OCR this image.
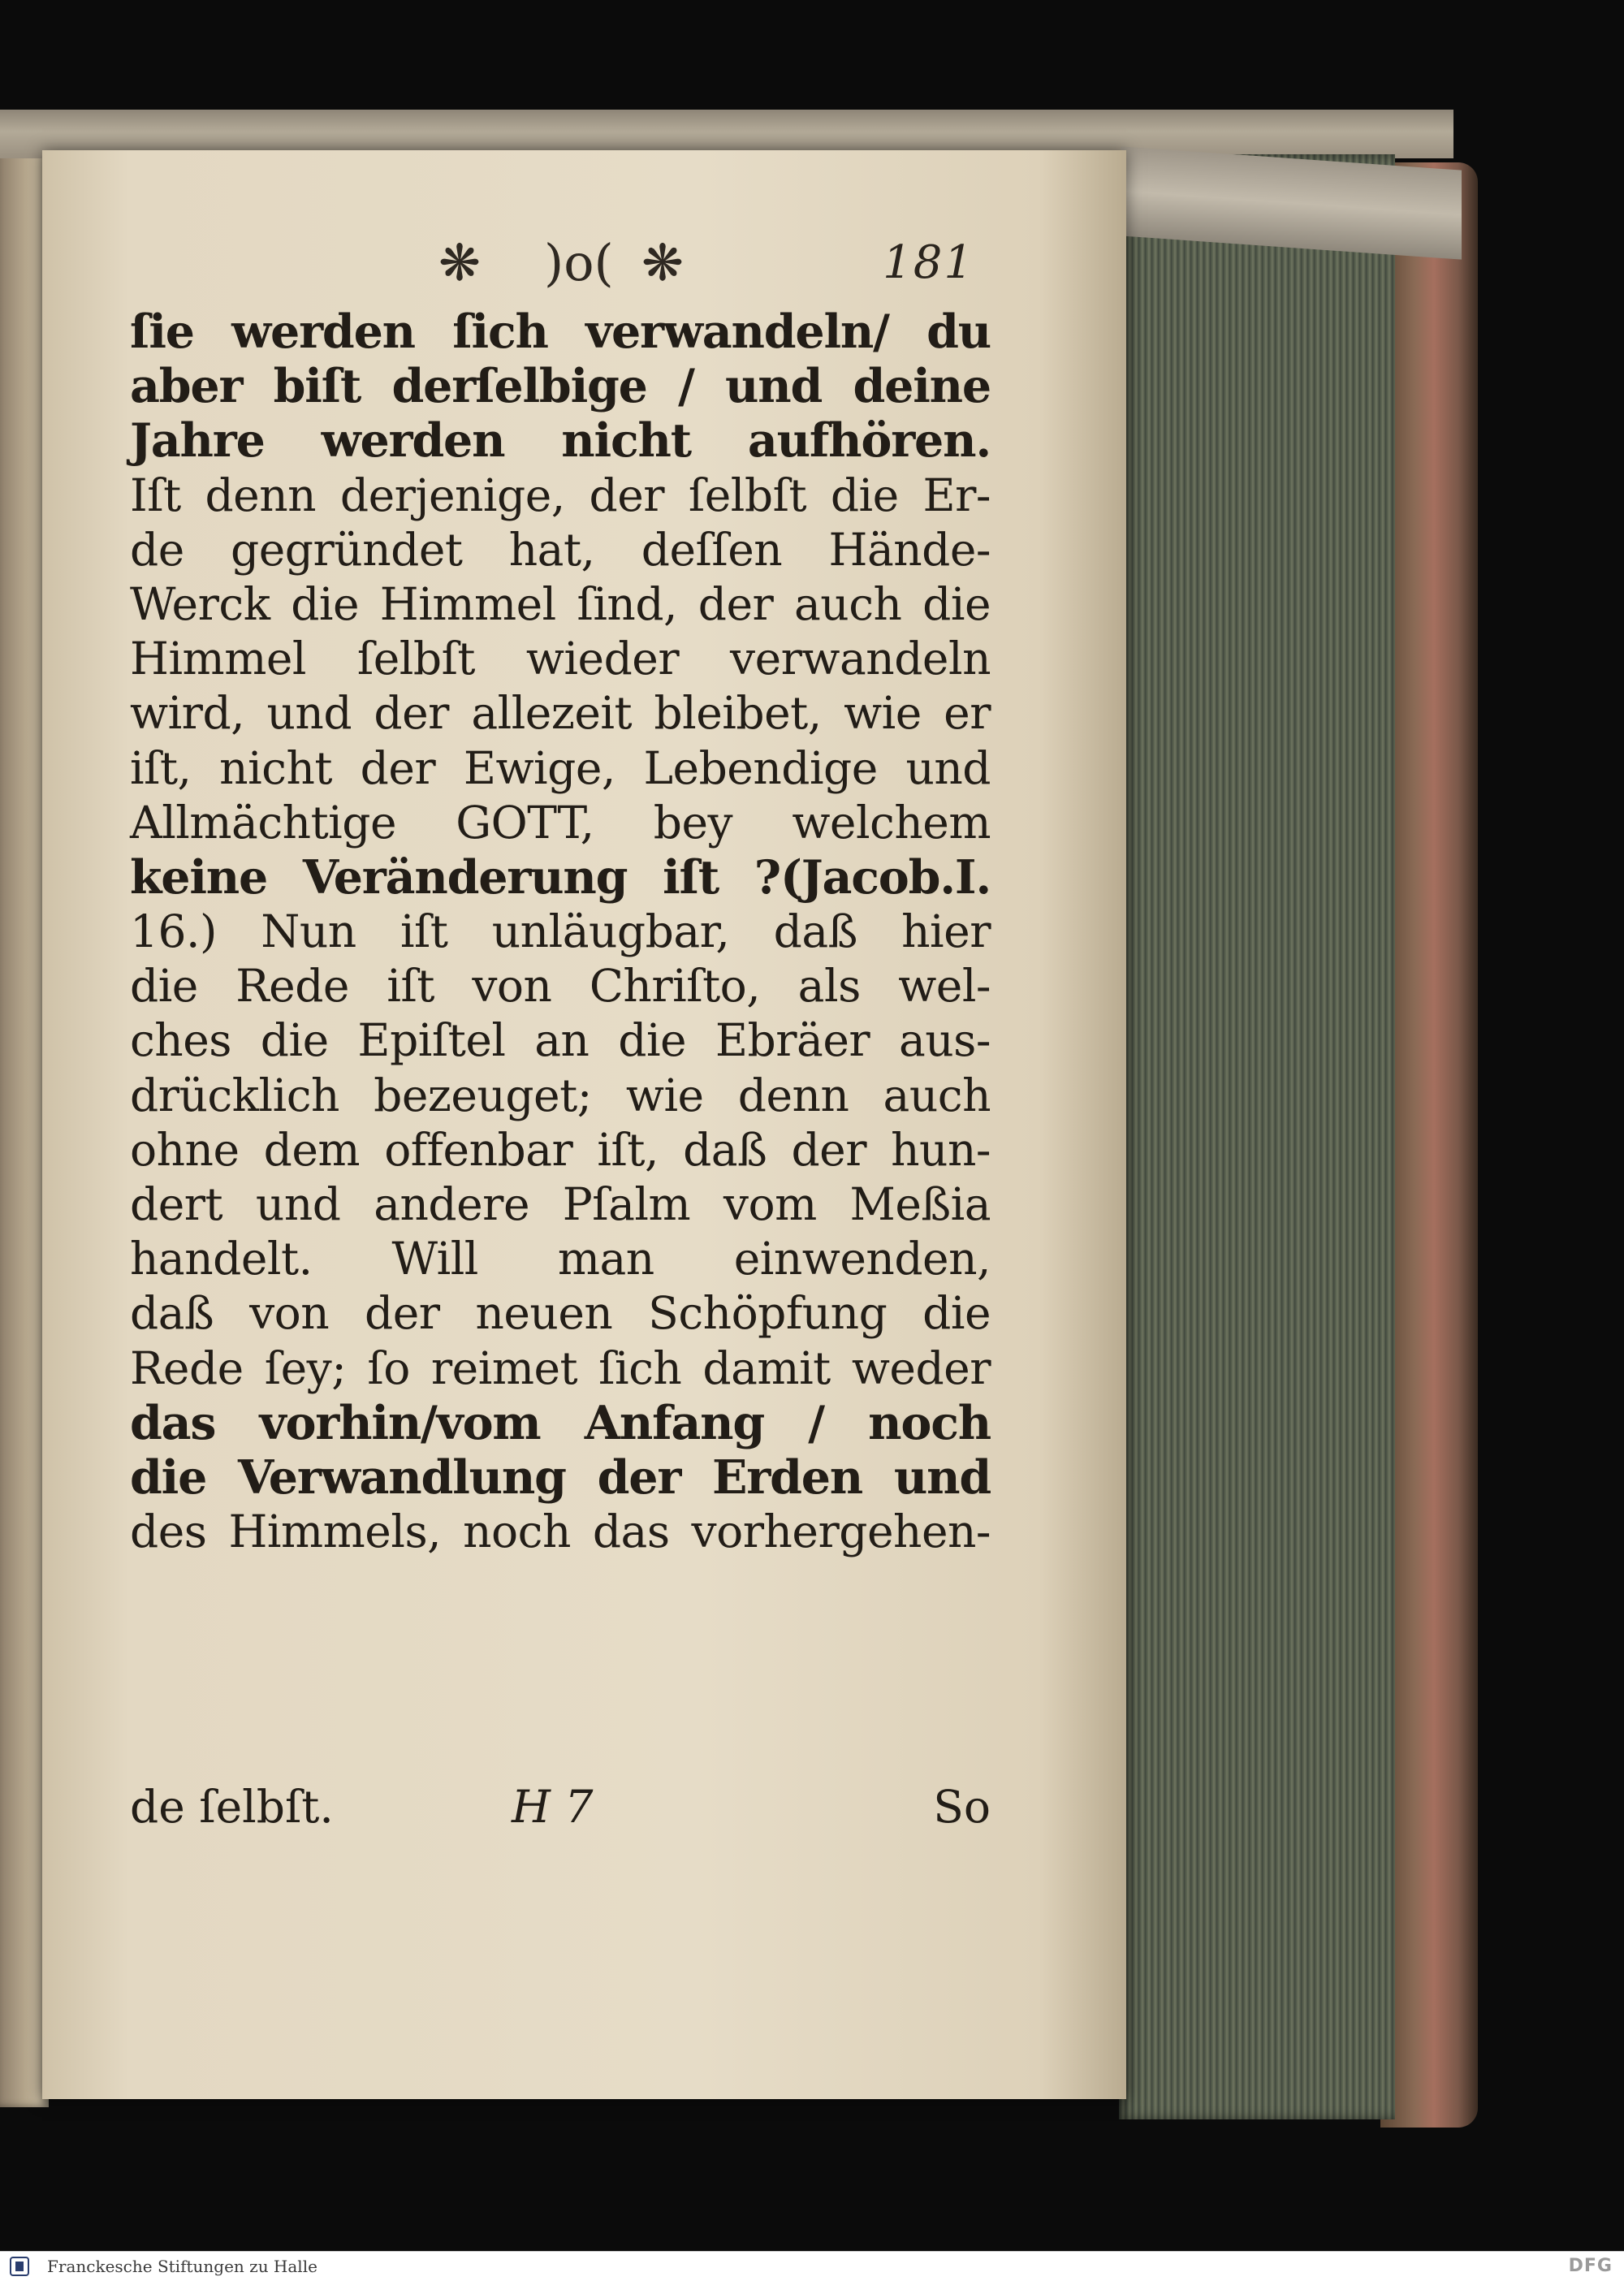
❋ )o( ❋	181
ſie werden ſich verwandeln/ du
aber biſt derſelbige / und deine
Jahre werden nicht aufhören.
Iſt denn derjenige, der ſelbſt die Er-
de gegründet hat, deſſen Hände-
Werck die Himmel ſind, der auch die
Himmel ſelbſt wieder verwandeln
wird, und der allezeit bleibet, wie er
iſt, nicht der Ewige, Lebendige und
Allmächtige GOTT, bey welchem
keine Veränderung iſt ?(Jacob.I.
16.) Nun iſt unläugbar, daß hier
die Rede iſt von Chriſto, als wel-
ches die Epiſtel an die Ebräer aus-
drücklich bezeuget; wie denn auch
ohne dem offenbar iſt, daß der hun-
dert und andere Pſalm vom Meßia
handelt. Will man einwenden,
daß von der neuen Schöpfung die
Rede ſey; ſo reimet ſich damit weder
das vorhin/vom Anfang / noch
die Verwandlung der Erden und
des Himmels, noch das vorhergehen-
de ſelbſt.	H 7	So
Franckesche Stiftungen zu Halle	DFG
